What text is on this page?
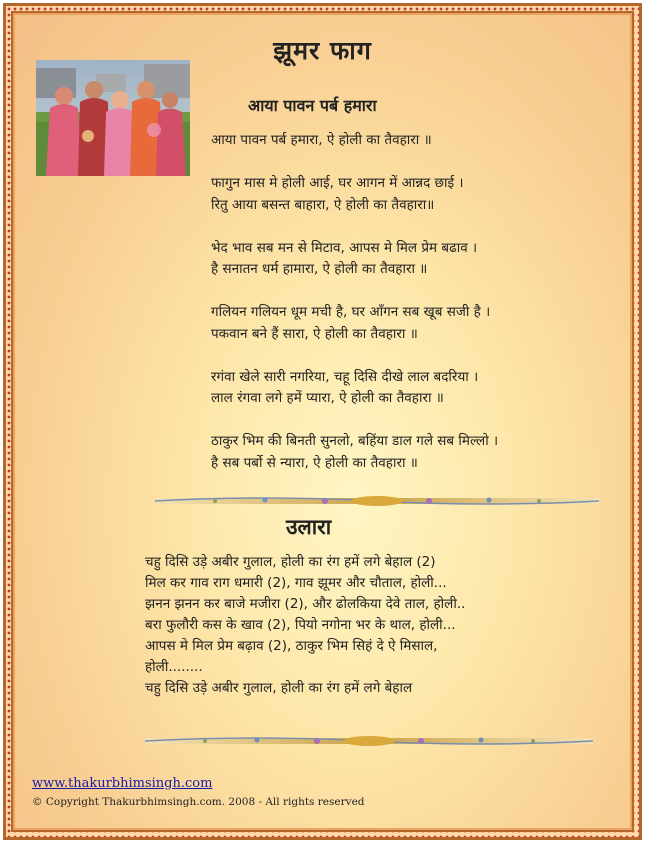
झूमर फाग
आया पावन पर्ब हमारा
आया पावन पर्ब हमारा, ऐ होली का तैवहारा ॥
फागुन मास मे होली आई, घर आगन में आन्नद छाई ।
रितु आया बसन्त बाहारा, ऐ होली का तैवहारा॥
भेद भाव सब मन से मिटाव, आपस मे मिल प्रेम बढाव ।
है सनातन धर्म हामारा, ऐ होली का तैवहारा ॥
गलियन गलियन धूम मची है, घर आँगन सब खूब सजी है ।
पकवान बने हैं सारा, ऐ होली का तैवहारा ॥
रगंवा खेले सारी नगरिया, चहू दिसि दीखे लाल बदरिया ।
लाल रंगवा लगे हमें प्यारा, ऐ होली का तैवहारा ॥
ठाकुर भिम की बिनती सुनलो, बहिंया डाल गले सब मिल्लो ।
है सब पर्बो से न्यारा, ऐ होली का तैवहारा ॥
उलारा
चहु दिसि उड़े अबीर गुलाल, होली का रंग हमें लगे बेहाल (2)
मिल कर गाव राग धमारी (2), गाव झूमर और चौताल, होली...
झनन झनन कर बाजे मजीरा (2), और ढोलकिया देवे ताल, होली..
बरा फुलौरी कस के खाव (2), पियो नगोना भर के थाल, होली...
आपस मे मिल प्रेम बढ़ाव (2), ठाकुर भिम सिहं दे ऐ मिसाल,
होली........
चहु दिसि उड़े अबीर गुलाल, होली का रंग हमें लगे बेहाल
www.thakurbhimsingh.com
© Copyright Thakurbhimsingh.com. 2008 - All rights reserved
